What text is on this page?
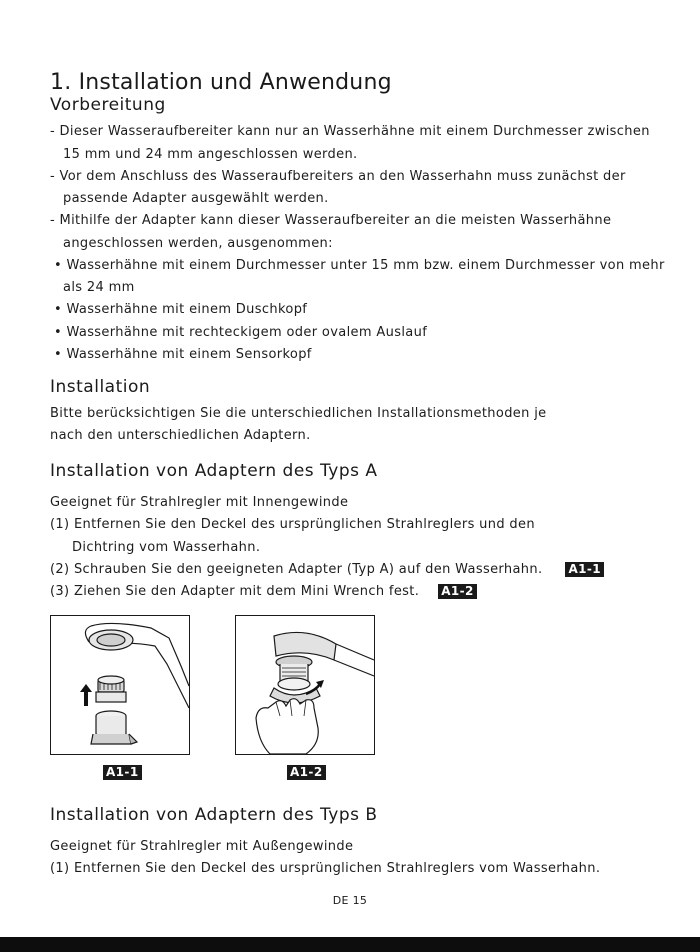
1. Installation und Anwendung
Vorbereitung
- Dieser Wasseraufbereiter kann nur an Wasserhähne mit einem Durchmesser zwischen
15 mm und 24 mm angeschlossen werden.
- Vor dem Anschluss des Wasseraufbereiters an den Wasserhahn muss zunächst der
passende Adapter ausgewählt werden.
- Mithilfe der Adapter kann dieser Wasseraufbereiter an die meisten Wasserhähne
angeschlossen werden, ausgenommen:
• Wasserhähne mit einem Durchmesser unter 15 mm bzw. einem Durchmesser von mehr
als 24 mm
• Wasserhähne mit einem Duschkopf
• Wasserhähne mit rechteckigem oder ovalem Auslauf
• Wasserhähne mit einem Sensorkopf
Installation
Bitte berücksichtigen Sie die unterschiedlichen Installationsmethoden je
nach den unterschiedlichen Adaptern.
Installation von Adaptern des Typs A
Geeignet für Strahlregler mit Innengewinde
(1) Entfernen Sie den Deckel des ursprünglichen Strahlreglers und den
Dichtring vom Wasserhahn.
(2) Schrauben Sie den geeigneten Adapter (Typ A) auf den Wasserhahn. A1-1
(3) Ziehen Sie den Adapter mit dem Mini Wrench fest. A1-2
A1-1	A1-2
Installation von Adaptern des Typs B
Geeignet für Strahlregler mit Außengewinde
(1) Entfernen Sie den Deckel des ursprünglichen Strahlreglers vom Wasserhahn.
DE 15
